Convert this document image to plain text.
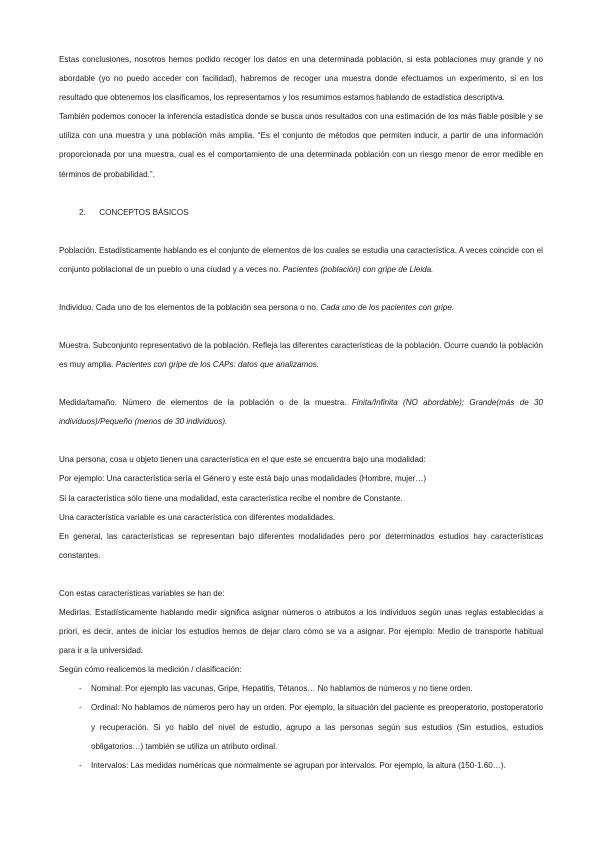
Estas conclusiones, nosotros hemos podido recoger los datos en una determinada población, si esta poblaciones muy grande y no abordable (yo no puedo acceder con facilidad), habremos de recoger una muestra donde efectuamos un experimento, si en los resultado que obtenemos los clasificamos, los representamos y los resumimos estamos hablando de estadística descriptiva.

También podemos conocer la inferencia estadística donde se busca unos resultados con una estimación de los más fiable posible y se utiliza con una muestra y una población más amplia. “Es el conjunto de métodos que permiten inducir, a partir de una información proporcionada por una muestra, cual es el comportamiento de una determinada población con un riesgo menor de error medible en términos de probabilidad.”.

2. CONCEPTOS BÁSICOS

Población. Estadísticamente hablando es el conjunto de elementos de los cuales se estudia una característica. A veces coincide con el conjunto poblacional de un pueblo o una ciudad y a veces no. Pacientes (población) con gripe de Lleida.

Individuo. Cada uno de los elementos de la población sea persona o no. Cada uno de los pacientes con gripe.

Muestra. Subconjunto representativo de la población. Refleja las diferentes características de la población. Ocurre cuando la población es muy amplia. Pacientes con gripe de los CAPs: datos que analizamos.

Medida/tamaño. Número de elementos de la población o de la muestra. Finita/Infinita (NO abordable); Grande(más de 30 individuos)/Pequeño (menos de 30 individuos).

Una persona, cosa u objeto tienen una característica en el que este se encuentra bajo una modalidad:

Por ejemplo: Una característica sería el Género y este está bajo unas modalidades (Hombre, mujer…)

Si la característica sólo tiene una modalidad, esta característica recibe el nombre de Constante.

Una característica variable es una característica con diferentes modalidades.

En general, las características se representan bajo diferentes modalidades pero por determinados estudios hay características constantes.

Con estas características variables se han de:

Medirlas. Estadísticamente hablando medir significa asignar números o atributos a los individuos según unas reglas establecidas a priori, es decir, antes de iniciar los estudios hemos de dejar claro cómo se va a asignar. Por ejemplo: Medio de transporte habitual para ir a la universidad.

Según cómo realicemos la medición / clasificación:

- Nominal: Por ejemplo las vacunas, Gripe, Hepatitis, Tétanos… No hablamos de números y no tiene orden.
- Ordinal: No hablamos de números pero hay un orden. Por ejemplo, la situación del paciente es preoperatorio, postoperatorio y recuperación. Si yo hablo del nivel de estudio, agrupo a las personas según sus estudios (Sin estudios, estudios obligatorios…) también se utiliza un atributo ordinal.
- Intervalos: Las medidas numéricas que normalmente se agrupan por intervalos. Por ejemplo, la altura (150-1.60…).
